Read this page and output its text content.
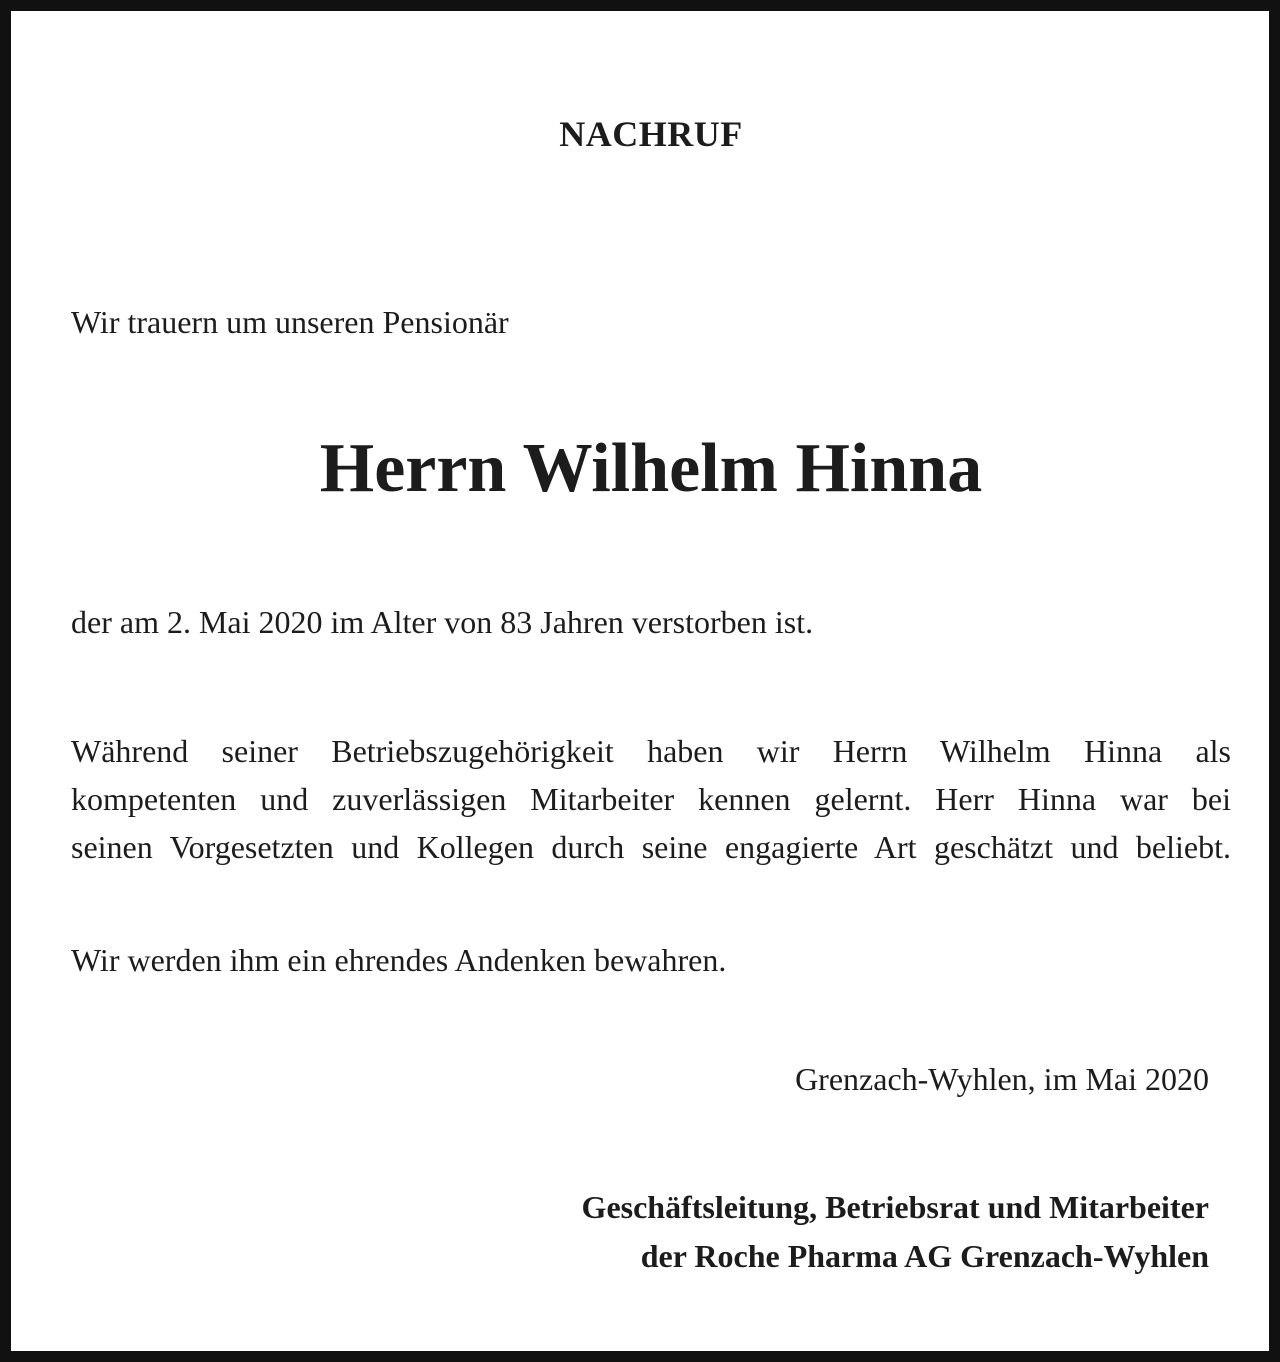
NACHRUF

Wir trauern um unseren Pensionär

Herrn Wilhelm Hinna

der am 2. Mai 2020 im Alter von 83 Jahren verstorben ist.

Während seiner Betriebszugehörigkeit haben wir Herrn Wilhelm Hinna als
kompetenten und zuverlässigen Mitarbeiter kennen gelernt. Herr Hinna war bei
seinen Vorgesetzten und Kollegen durch seine engagierte Art geschätzt und beliebt.

Wir werden ihm ein ehrendes Andenken bewahren.

Grenzach-Wyhlen, im Mai 2020

Geschäftsleitung, Betriebsrat und Mitarbeiter
der Roche Pharma AG Grenzach-Wyhlen
